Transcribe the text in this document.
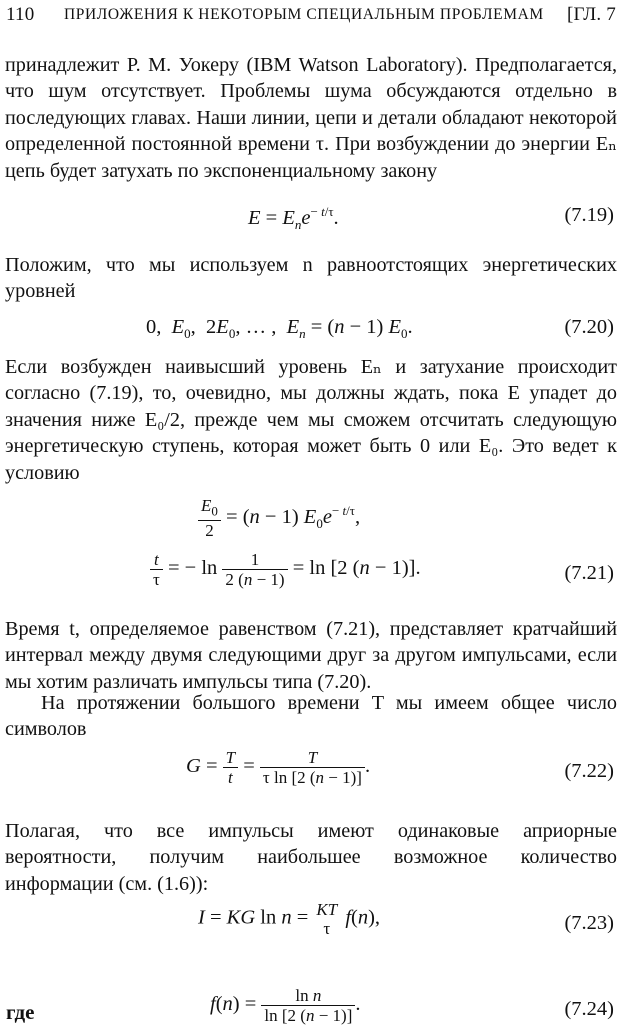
110 ПРИЛОЖЕНИЯ К НЕКОТОРЫМ СПЕЦИАЛЬНЫМ ПРОБЛЕМАМ [ГЛ. 7

принадлежит Р. М. Уокеру (IBM Watson Laboratory). Предполагается, что шум отсутствует. Проблемы шума обсуждаются отдельно в последующих главах. Наши линии, цепи и детали обладают некоторой определенной постоянной времени τ. При возбуждении до энергии Eₙ цепь будет затухать по экспоненциальному закону

$E = E_ne^{- t/\tau}$.	(7.19)

Положим, что мы используем n равноотстоящих энергетических уровней

0,  $E_0$,  $2E_0$, … ,  $E_n = (n - 1)$ $E_0$.	(7.20)

Если возбужден наивысший уровень Eₙ и затухание происходит согласно (7.19), то, очевидно, мы должны ждать, пока E упадет до значения ниже E₀/2, прежде чем мы сможем отсчитать следующую энергетическую ступень, которая может быть 0 или E₀. Это ведет к условию

$\frac{E_0}{2} = (n - 1)$ $E_0e^{- t/\tau}$,
$\frac{t}{\tau}$ = − $\ln \frac{1}{2 (n - 1)} = \ln [2$ (n − 1)].	(7.21)

Время t, определяемое равенством (7.21), представляет кратчайший интервал между двумя следующими друг за другом импульсами, если мы хотим различать импульсы типа (7.20).

На протяжении большого времени T мы имеем общее число символов

$G = \frac{T}{t} = \frac{T}{\text{τ ln [2 (n − 1)]}}$ .	(7.22)

Полагая, что все импульсы имеют одинаковые априорные вероятности, получим наибольшее возможное количество информации (см. (1.6)):

I = KG ln n = KT
τ f(n),	(7.23)
где	$f(n) = \frac{\text{ln n}}{\ln [2 (n - 1)]}$ .	(7.24)
